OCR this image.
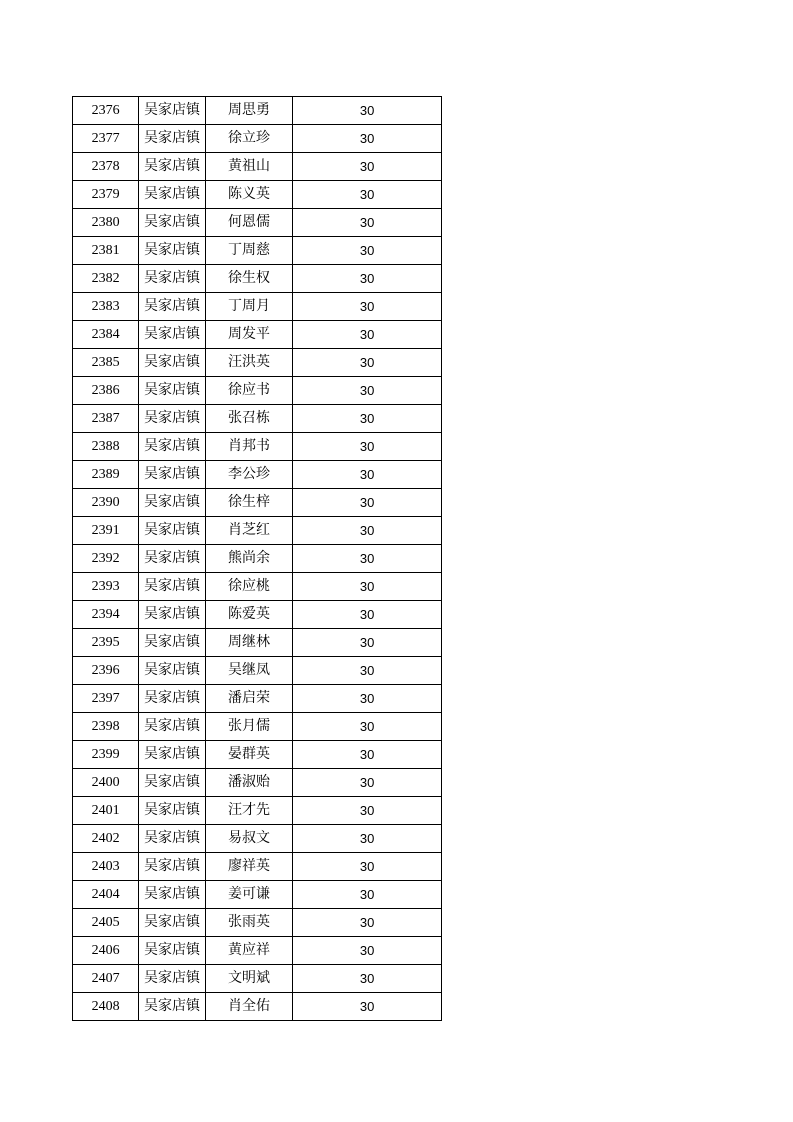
2376	吴家店镇	周思勇	30
2377	吴家店镇	徐立珍	30
2378	吴家店镇	黄祖山	30
2379	吴家店镇	陈义英	30
2380	吴家店镇	何恩儒	30
2381	吴家店镇	丁周慈	30
2382	吴家店镇	徐生权	30
2383	吴家店镇	丁周月	30
2384	吴家店镇	周发平	30
2385	吴家店镇	汪洪英	30
2386	吴家店镇	徐应书	30
2387	吴家店镇	张召栋	30
2388	吴家店镇	肖邦书	30
2389	吴家店镇	李公珍	30
2390	吴家店镇	徐生梓	30
2391	吴家店镇	肖芝红	30
2392	吴家店镇	熊尚余	30
2393	吴家店镇	徐应桃	30
2394	吴家店镇	陈爱英	30
2395	吴家店镇	周继林	30
2396	吴家店镇	吴继凤	30
2397	吴家店镇	潘启荣	30
2398	吴家店镇	张月儒	30
2399	吴家店镇	晏群英	30
2400	吴家店镇	潘淑贻	30
2401	吴家店镇	汪才先	30
2402	吴家店镇	易叔文	30
2403	吴家店镇	廖祥英	30
2404	吴家店镇	姜可谦	30
2405	吴家店镇	张雨英	30
2406	吴家店镇	黄应祥	30
2407	吴家店镇	文明斌	30
2408	吴家店镇	肖全佑	30
